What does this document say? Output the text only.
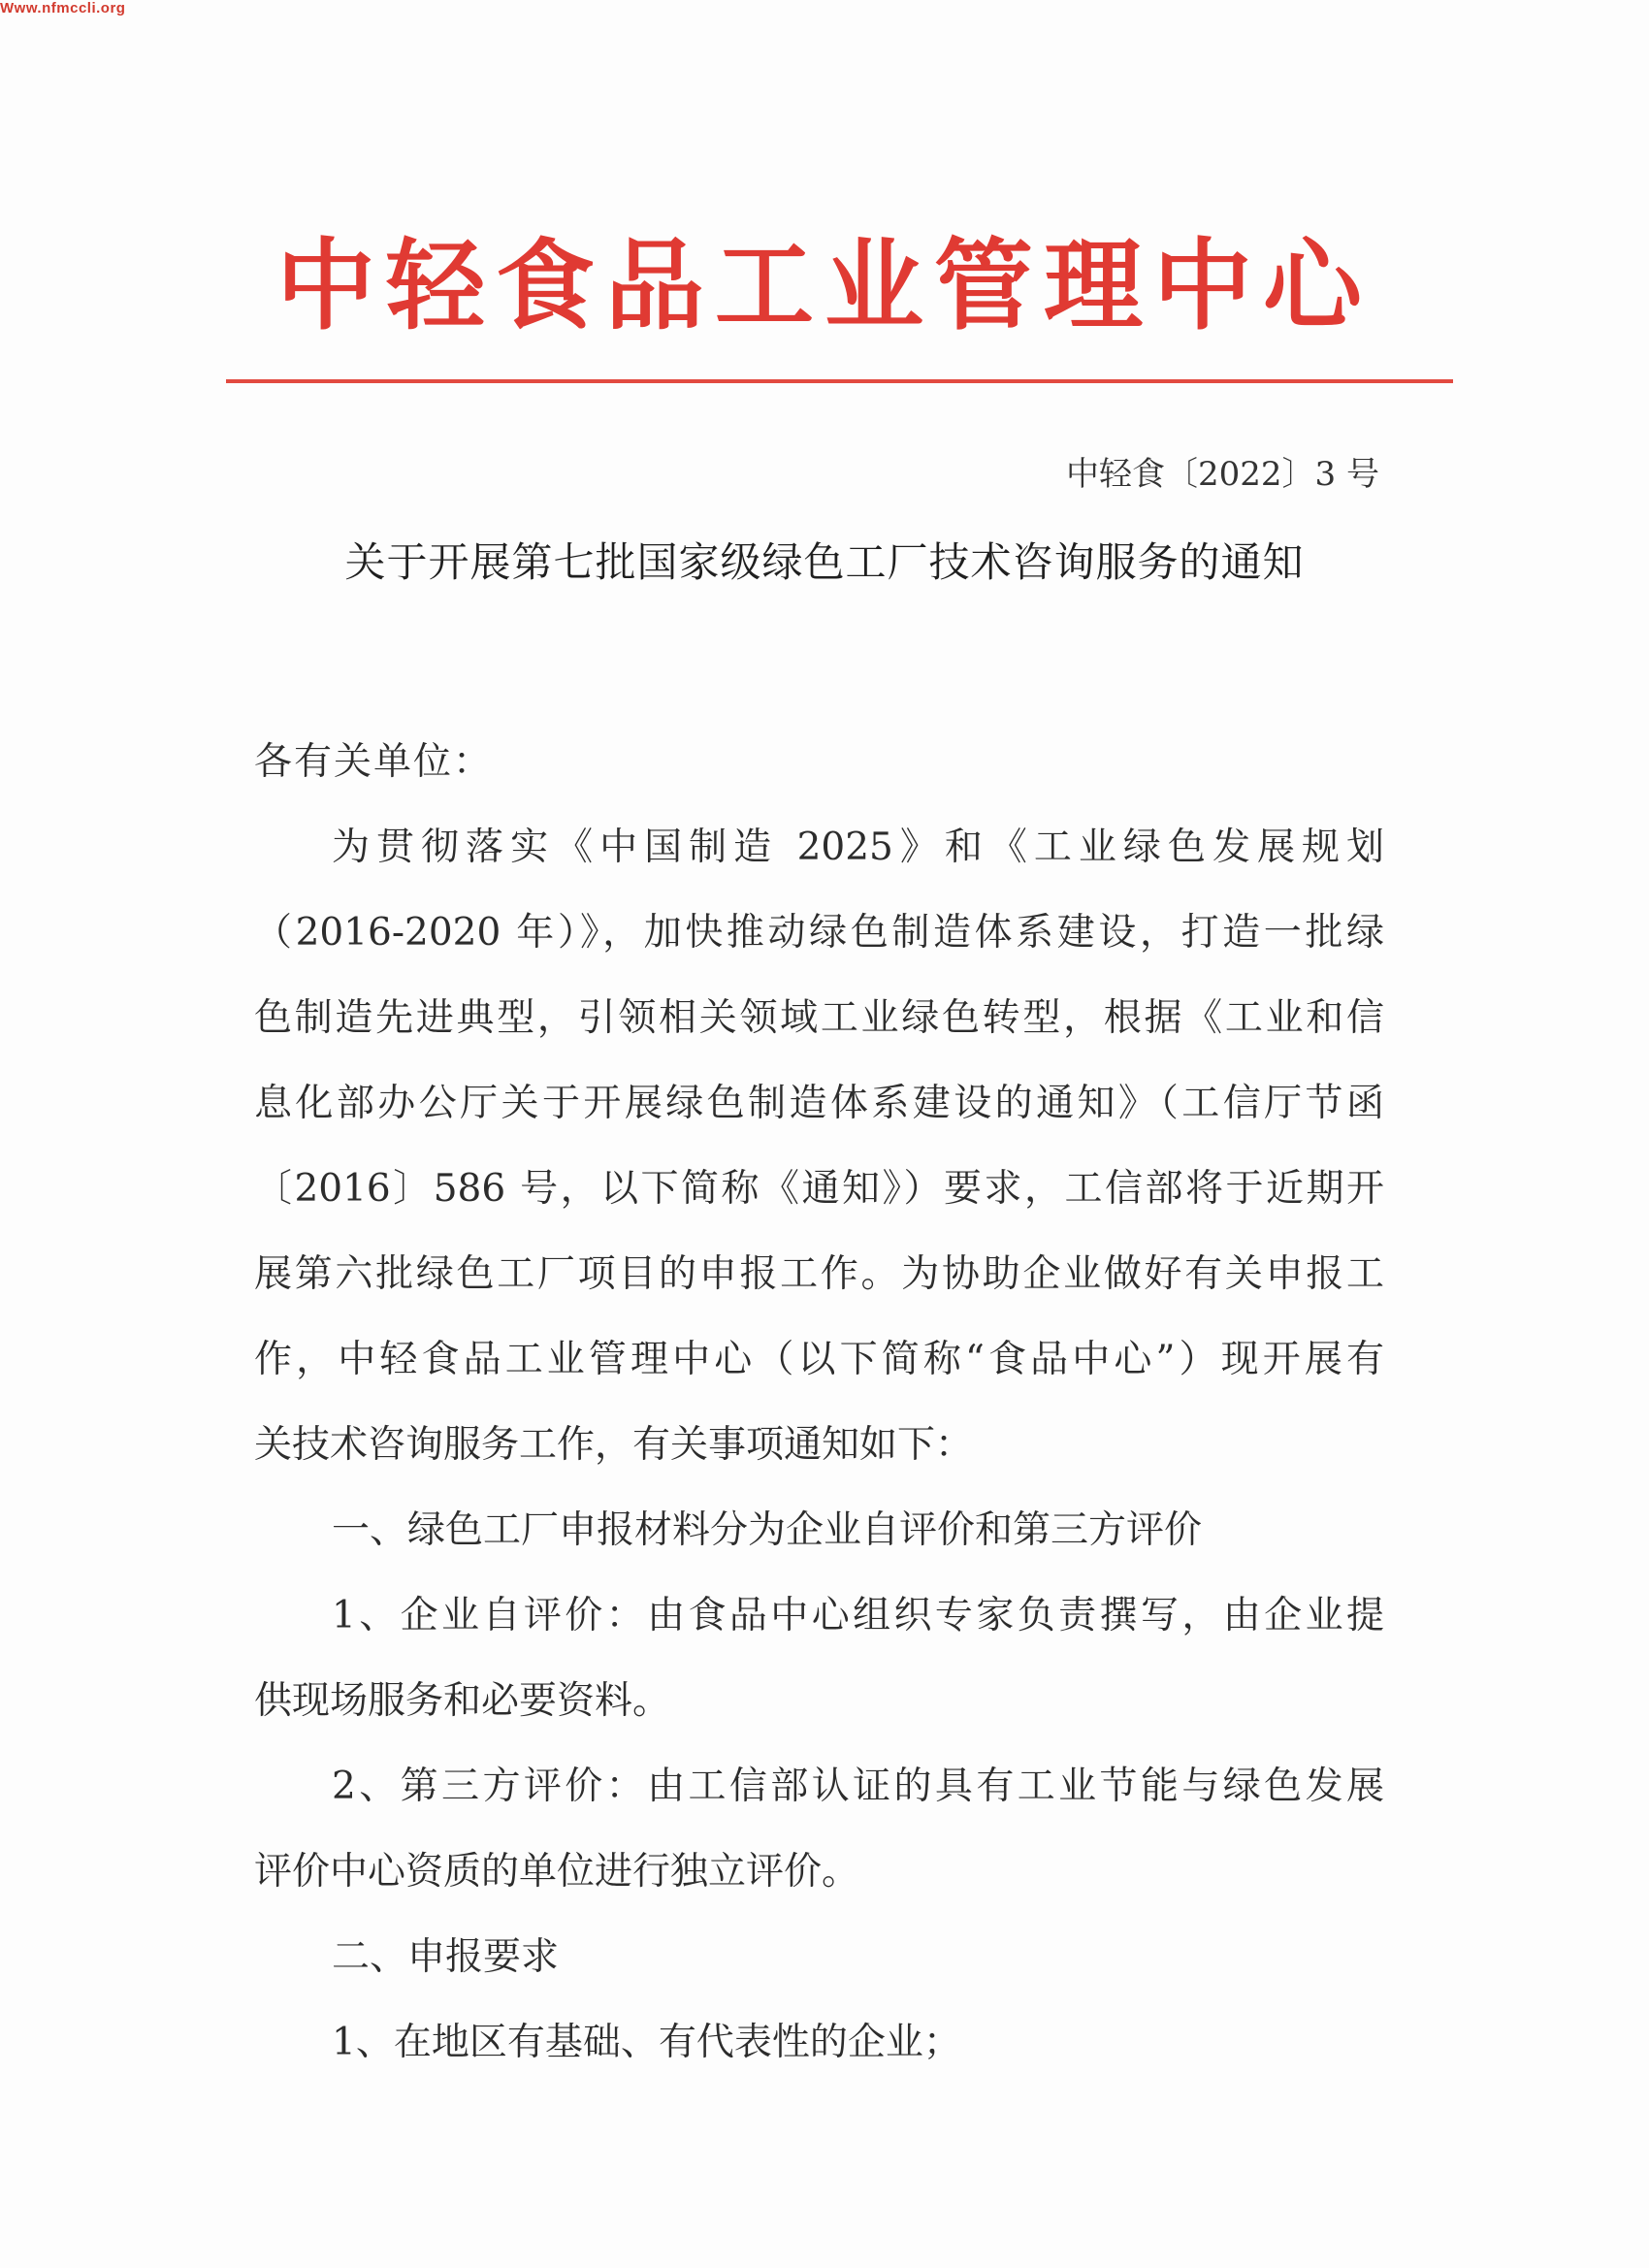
Www.nfmccli.org
中轻食品工业管理中心
中轻食〔2022〕3 号
关于开展第七批国家级绿色工厂技术咨询服务的通知
各有关单位：
为贯彻落实《中国制造 2025》和《工业绿色发展规划
（2016-2020 年）》，加快推动绿色制造体系建设，打造一批绿
色制造先进典型，引领相关领域工业绿色转型，根据《工业和信
息化部办公厅关于开展绿色制造体系建设的通知》（工信厅节函
〔2016〕586 号，以下简称《通知》）要求，工信部将于近期开
展第六批绿色工厂项目的申报工作。为协助企业做好有关申报工
作，中轻食品工业管理中心（以下简称“食品中心”）现开展有
关技术咨询服务工作，有关事项通知如下：
一、绿色工厂申报材料分为企业自评价和第三方评价
1、企业自评价：由食品中心组织专家负责撰写，由企业提
供现场服务和必要资料。
2、第三方评价：由工信部认证的具有工业节能与绿色发展
评价中心资质的单位进行独立评价。
二、申报要求
1、在地区有基础、有代表性的企业；
